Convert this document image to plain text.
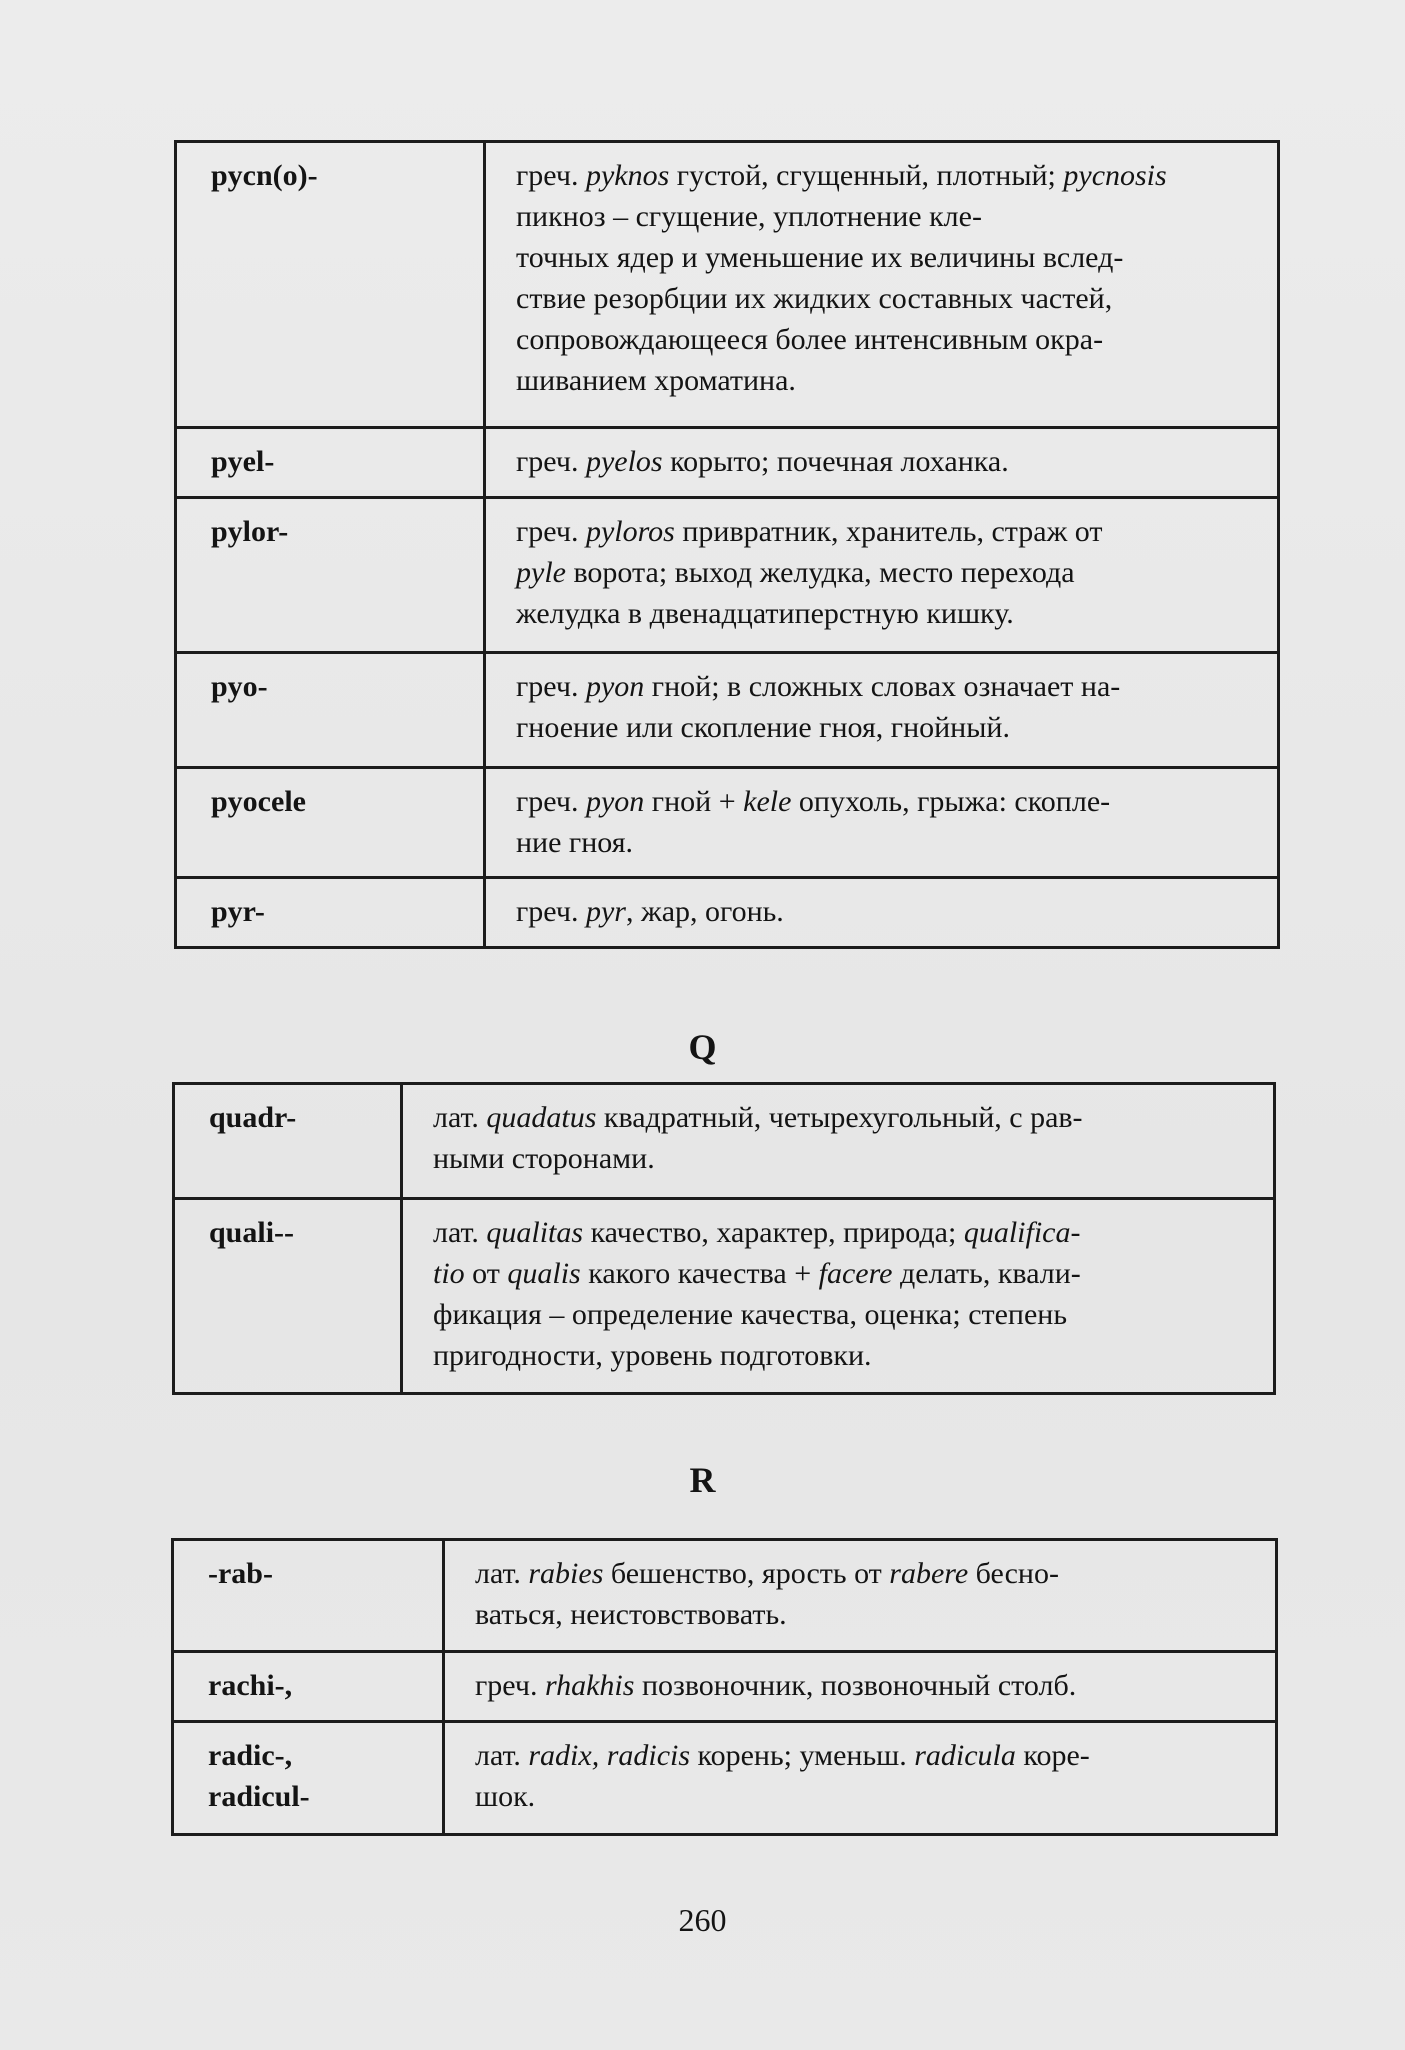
pycn(o)-	греч. pyknos густой, сгущенный, плотный; pycnosis пикноз – сгущение, уплотнение кле-
точных ядер и уменьшение их величины вслед-
ствие резорбции их жидких составных частей,
сопровождающееся более интенсивным окра-
шиванием хроматина.
pyel-	греч. pyelos корыто; почечная лоханка.
pylor-	греч. pyloros привратник, хранитель, страж от
pyle ворота; выход желудка, место перехода
желудка в двенадцатиперстную кишку.
pyo-	греч. pyon гной; в сложных словах означает на-
гноение или скопление гноя, гнойный.
pyocele	греч. pyon гной + kele опухоль, грыжа: скопле-
ние гноя.
pyr-	греч. pyr, жар, огонь.
Q
quadr-	лат. quadatus квадратный, четырехугольный, с рав-
ными сторонами.
quali--	лат. qualitas качество, характер, природа; qualifica-
tio от qualis какого качества + facere делать, квали-
фикация – определение качества, оценка; степень
пригодности, уровень подготовки.
R
-rab-	лат. rabies бешенство, ярость от rabere бесно-
ваться, неистовствовать.
rachi-,	греч. rhakhis позвоночник, позвоночный столб.
radic-,
radicul-	лат. radix, radicis корень; уменьш. radicula коре-
шок.
260
